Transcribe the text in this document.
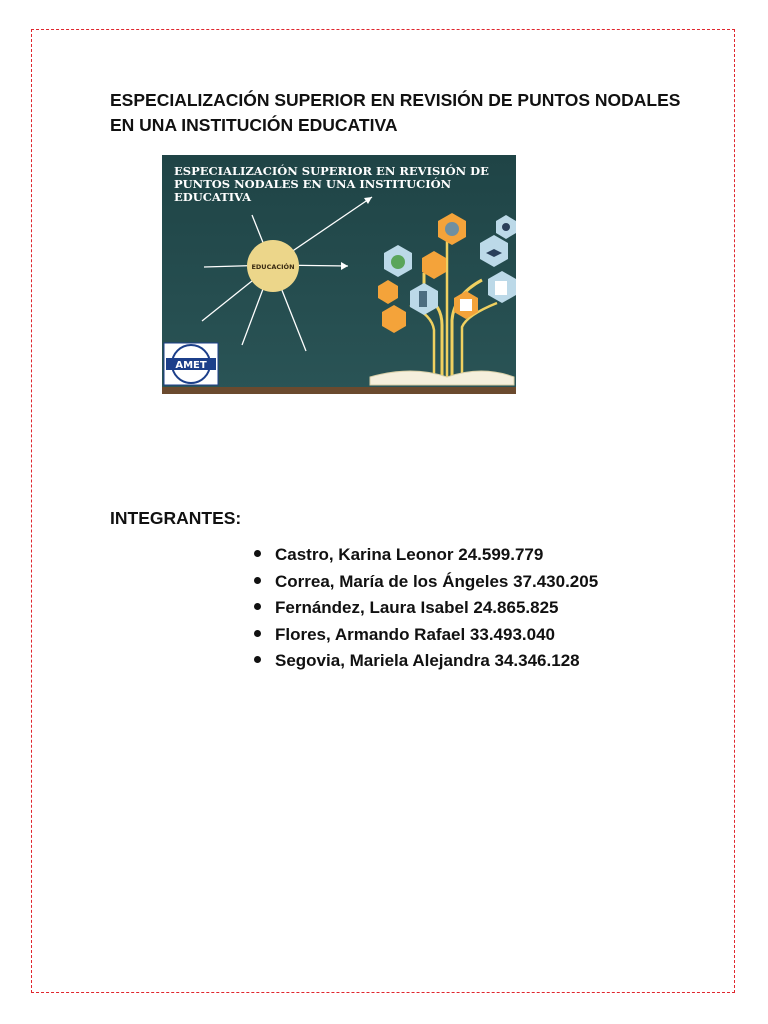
ESPECIALIZACIÓN SUPERIOR EN REVISIÓN DE PUNTOS NODALES
EN UNA INSTITUCIÓN EDUCATIVA
ESPECIALIZACIÓN SUPERIOR EN REVISIÓN DE
PUNTOS NODALES EN UNA INSTITUCIÓN
EDUCATIVA
EDUCACIÓN
AMET
INTEGRANTES:
Castro, Karina Leonor 24.599.779
Correa, María de los Ángeles 37.430.205
Fernández, Laura Isabel 24.865.825
Flores, Armando Rafael 33.493.040
Segovia, Mariela Alejandra 34.346.128
